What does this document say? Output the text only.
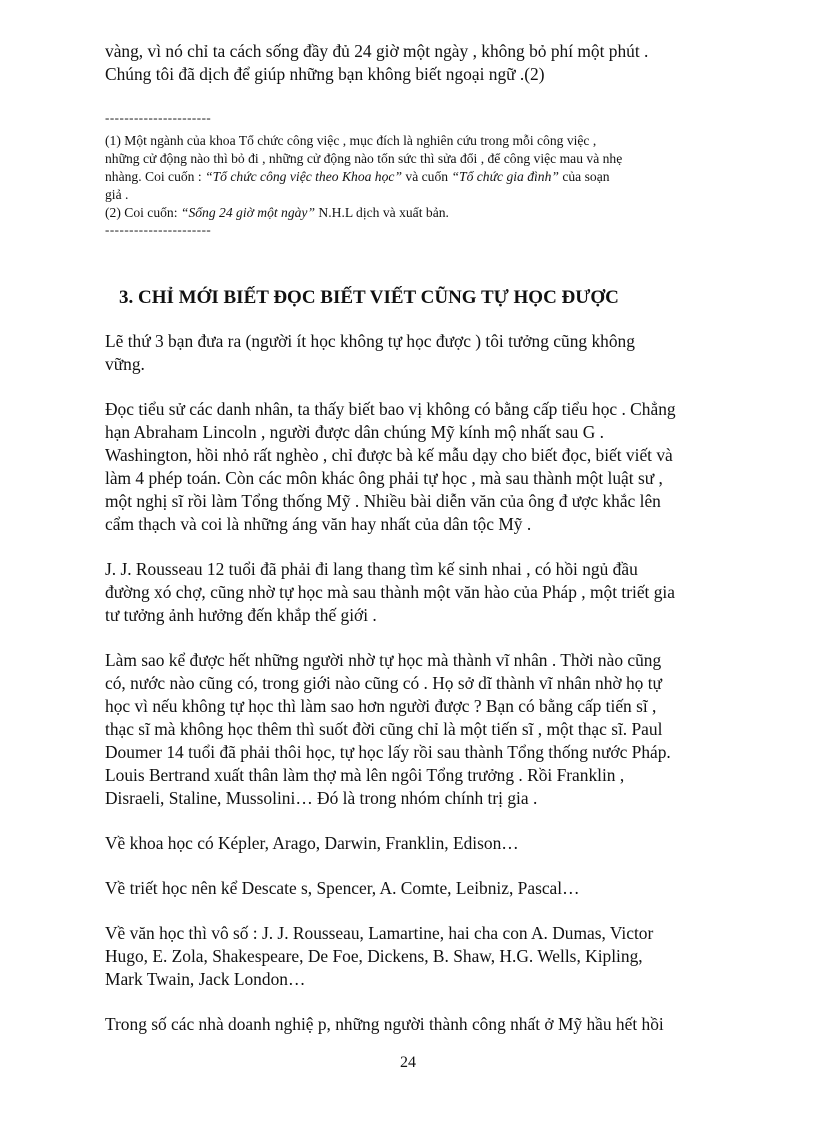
vàng, vì nó chỉ ta cách sống đầy đủ 24 giờ một ngày , không bỏ phí một phút .
Chúng tôi đã dịch để giúp những bạn không biết ngoại ngữ .(2)
----------------------
(1) Một ngành của khoa Tổ chức công việc , mục đích là nghiên cứu trong mỗi công việc ,
những cử động nào thì bỏ đi , những cử động nào tốn sức thì sửa đổi , để công việc mau và nhẹ
nhàng. Coi cuốn : “Tổ chức công việc theo Khoa học” và cuốn “Tổ chức gia đình” của soạn
giả .
(2) Coi cuốn: “Sống 24 giờ một ngày” N.H.L dịch và xuất bản.
----------------------
3. CHỈ MỚI BIẾT ĐỌC BIẾT VIẾT CŨNG TỰ HỌC ĐƯỢC
Lẽ thứ 3 bạn đưa ra (người ít học không tự học được ) tôi tưởng cũng không
vững.
Đọc tiểu sử các danh nhân, ta thấy biết bao vị không có bằng cấp tiểu học . Chẳng
hạn Abraham Lincoln , người được dân chúng Mỹ kính mộ nhất sau G .
Washington, hồi nhỏ rất nghèo , chỉ được bà kế mẫu dạy cho biết đọc, biết viết và
làm 4 phép toán. Còn các môn khác ông phải tự học , mà sau thành một luật sư ,
một nghị sĩ rồi làm Tổng thống Mỹ . Nhiều bài diễn văn của ông đ ược khắc lên
cẩm thạch và coi là những áng văn hay nhất của dân tộc Mỹ .
J. J. Rousseau 12 tuổi đã phải đi lang thang tìm kế sinh nhai , có hồi ngủ đầu
đường xó chợ, cũng nhờ tự học mà sau thành một văn hào của Pháp , một triết gia
tư tưởng ảnh hưởng đến khắp thế giới .
Làm sao kể được hết những người nhờ tự học mà thành vĩ nhân . Thời nào cũng
có, nước nào cũng có, trong giới nào cũng có . Họ sở dĩ thành vĩ nhân nhờ họ tự
học vì nếu không tự học thì làm sao hơn người được ? Bạn có bằng cấp tiến sĩ ,
thạc sĩ mà không học thêm thì suốt đời cũng chỉ là một tiến sĩ , một thạc sĩ. Paul
Doumer 14 tuổi đã phải thôi học, tự học lấy rồi sau thành Tổng thống nước Pháp.
Louis Bertrand xuất thân làm thợ mà lên ngôi Tổng trưởng . Rồi Franklin ,
Disraeli, Staline, Mussolini… Đó là trong nhóm chính trị gia .
Về khoa học có Képler, Arago, Darwin, Franklin, Edison…
Về triết học nên kể Descate s, Spencer, A. Comte, Leibniz, Pascal…
Về văn học thì vô số : J. J. Rousseau, Lamartine, hai cha con A. Dumas, Victor
Hugo, E. Zola, Shakespeare, De Foe, Dickens, B. Shaw, H.G. Wells, Kipling,
Mark Twain, Jack London…
Trong số các nhà doanh nghiệ p, những người thành công nhất ở Mỹ hầu hết hồi
24
